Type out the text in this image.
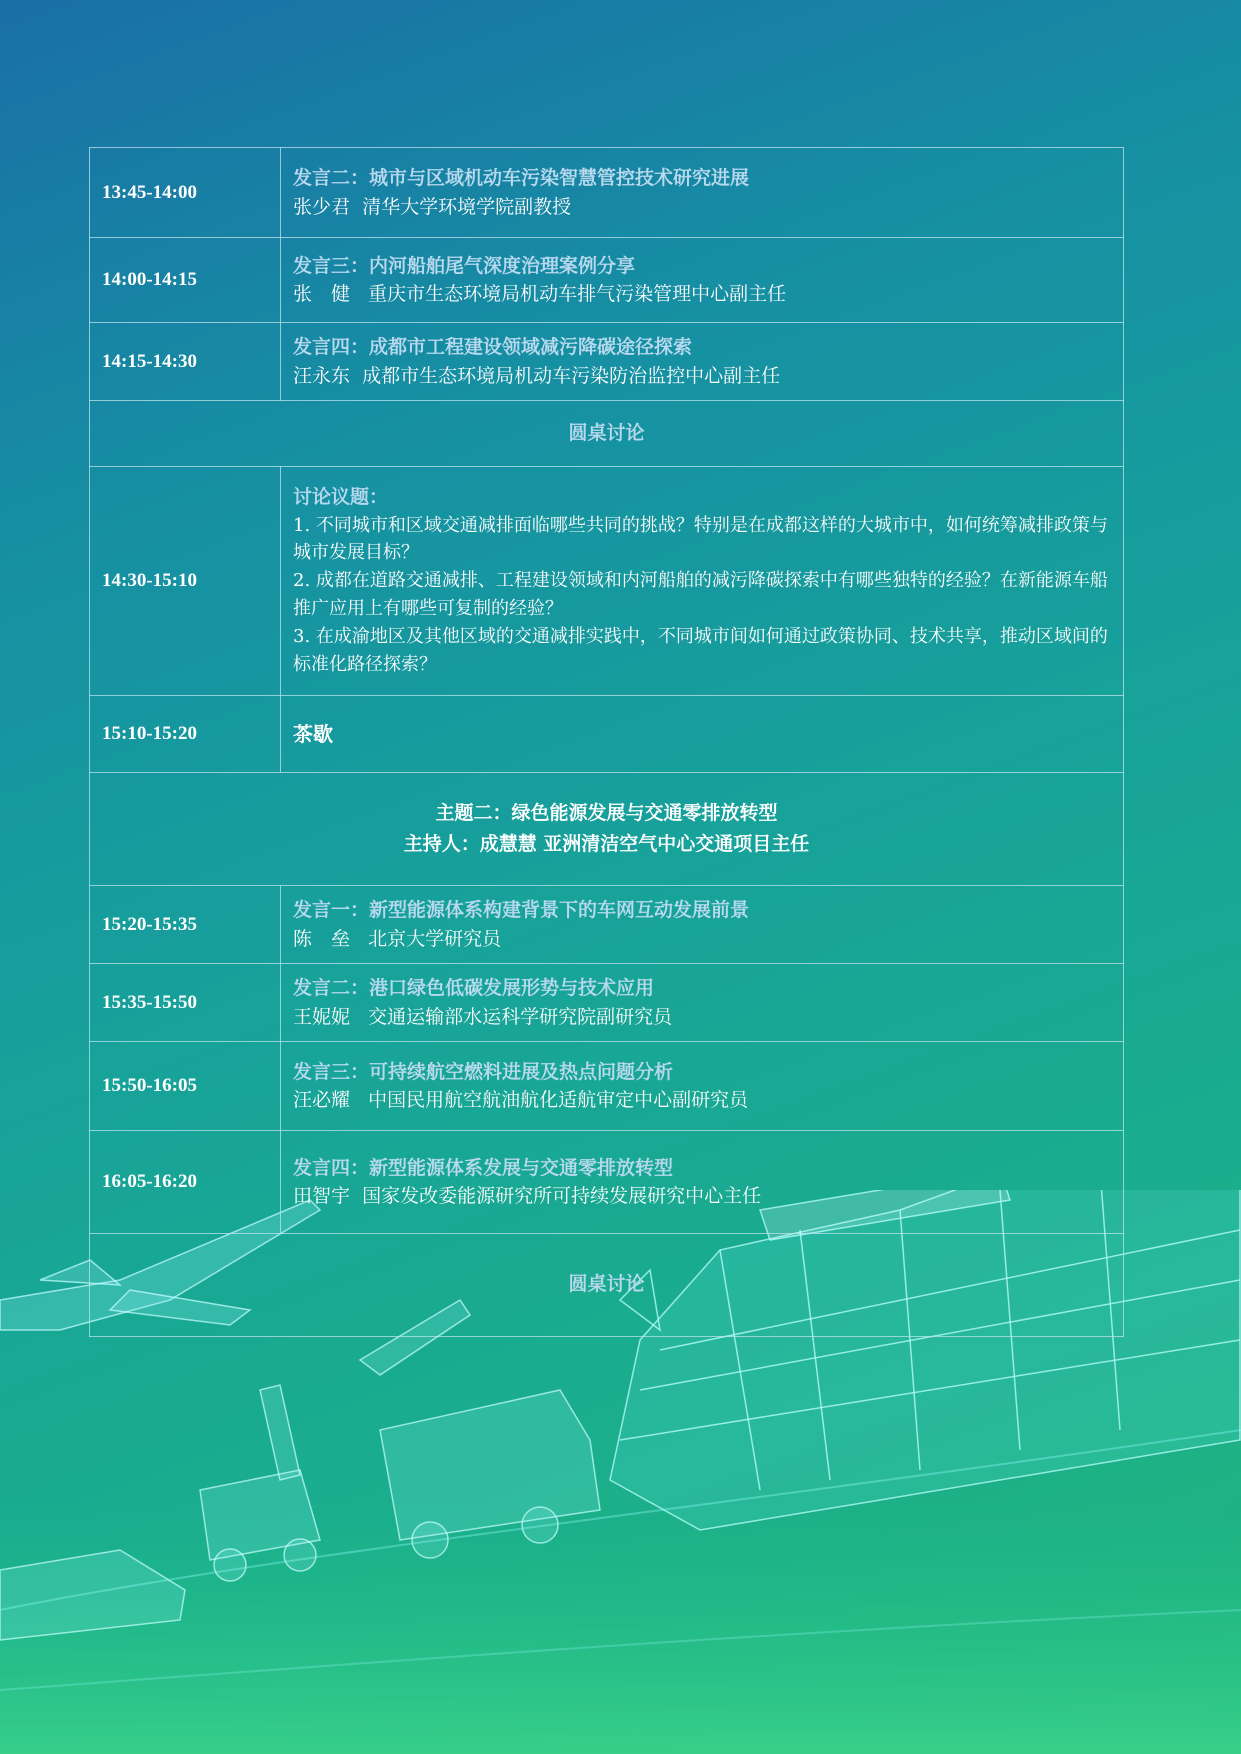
13:45-14:00	发言二：城市与区域机动车污染智慧管控技术研究进展
张少君 清华大学环境学院副教授

14:00-14:15	发言三：内河船舶尾气深度治理案例分享
张　健 重庆市生态环境局机动车排气污染管理中心副主任

14:15-14:30	发言四：成都市工程建设领域减污降碳途径探索
汪永东 成都市生态环境局机动车污染防治监控中心副主任

圆桌讨论	
14:30-15:10	讨论议题：
1. 不同城市和区域交通减排面临哪些共同的挑战？特别是在成都这样的大城市中，如何统筹减排政策与城市发展目标？
2. 成都在道路交通减排、工程建设领域和内河船舶的减污降碳探索中有哪些独特的经验？在新能源车船推广应用上有哪些可复制的经验？
3. 在成渝地区及其他区域的交通减排实践中，不同城市间如何通过政策协同、技术共享，推动区域间的标准化路径探索？

15:10-15:20	茶歇

主题二：绿色能源发展与交通零排放转型
主持人：成慧慧 亚洲清洁空气中心交通项目主任	

15:20-15:35	发言一：新型能源体系构建背景下的车网互动发展前景
陈　垒 北京大学研究员

15:35-15:50	发言二：港口绿色低碳发展形势与技术应用
王妮妮 交通运输部水运科学研究院副研究员

15:50-16:05	发言三：可持续航空燃料进展及热点问题分析
汪必耀 中国民用航空航油航化适航审定中心副研究员

16:05-16:20	发言四：新型能源体系发展与交通零排放转型
田智宇 国家发改委能源研究所可持续发展研究中心主任

圆桌讨论	
